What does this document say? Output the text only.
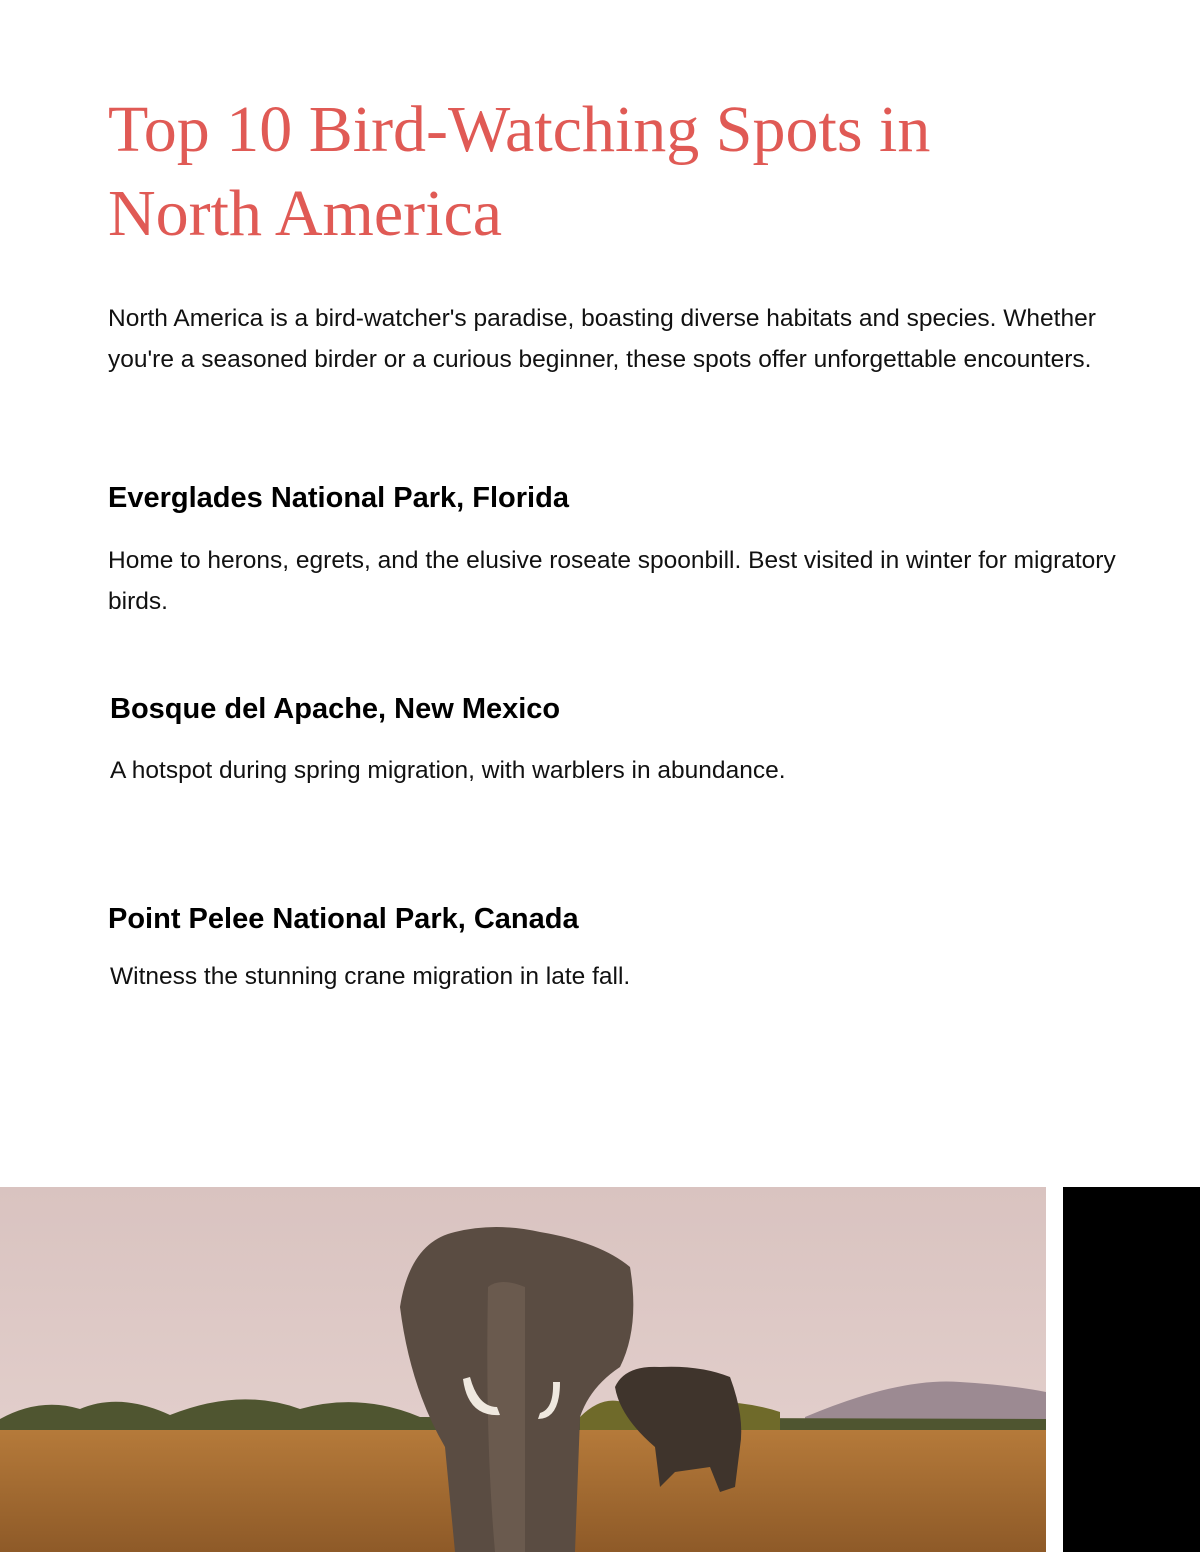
Top 10 Bird-Watching Spots in North America

North America is a bird-watcher's paradise, boasting diverse habitats and species. Whether you're a seasoned birder or a curious beginner, these spots offer unforgettable encounters.

Everglades National Park, Florida

Home to herons, egrets, and the elusive roseate spoonbill. Best visited in winter for migratory birds.

Bosque del Apache, New Mexico

A hotspot during spring migration, with warblers in abundance.

Point Pelee National Park, Canada

Witness the stunning crane migration in late fall.
